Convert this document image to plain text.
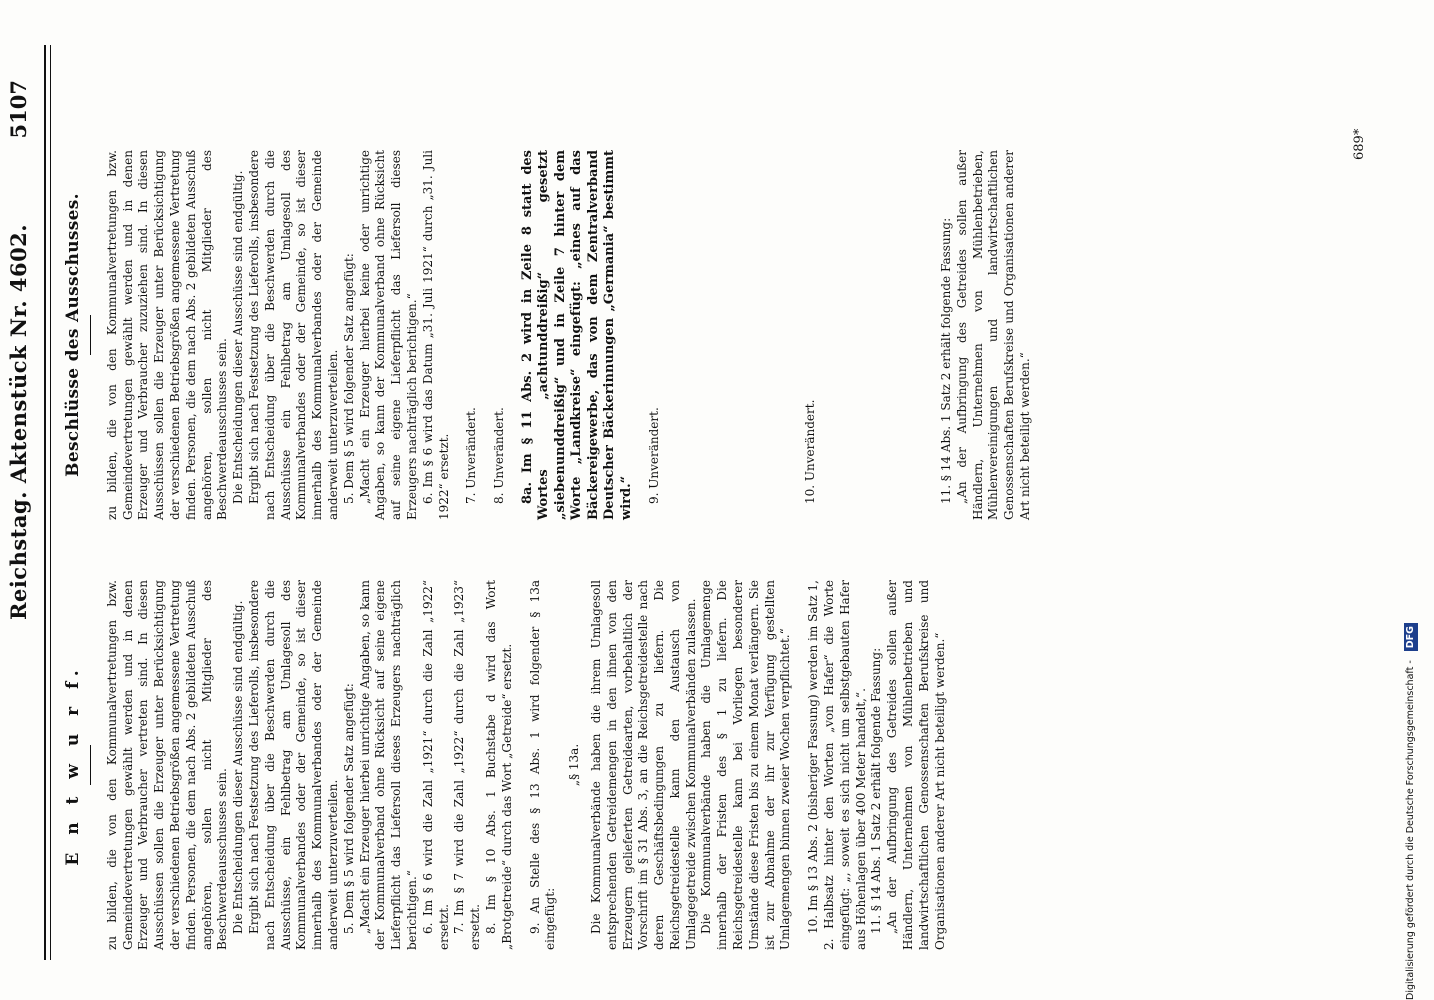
Reichstag. Aktenstück Nr. 4602.
5107
E n t w u r f. zu bilden, die von den Kommunalvertretungen bzw. Gemeindevertretungen gewählt werden und in denen Erzeuger und Verbraucher vertreten sind. In diesen Ausschüssen sollen die Erzeuger unter Berücksichtigung der verschiedenen Betriebsgrößen angemessene Vertretung finden. Personen, die dem nach Abs. 2 gebildeten Ausschuß angehören, sollen nicht Mitglieder des Beschwerdeausschusses sein. Die Entscheidungen dieser Ausschüsse sind endgültig. Ergibt sich nach Festsetzung des Lieferolls, insbesondere nach Entscheidung über die Beschwerden durch die Ausschüsse, ein Fehlbetrag am Umlagesoll des Kommunalverbandes oder der Gemeinde, so ist dieser innerhalb des Kommunalverbandes oder der Gemeinde anderweit unterzuverteilen. 5. Dem § 5 wird folgender Satz angefügt: „Macht ein Erzeuger hierbei unrichtige Angaben, so kann der Kommunalverband ohne Rücksicht auf seine eigene Lieferpflicht das Liefersoll dieses Erzeugers nachträglich berichtigen.“ 6. Im § 6 wird die Zahl „1921“ durch die Zahl „1922“ ersetzt. 7. Im § 7 wird die Zahl „1922“ durch die Zahl „1923“ ersetzt. 8. Im § 10 Abs. 1 Buchstabe d wird das Wort „Brotgetreide“ durch das Wort „Getreide“ ersetzt. 9. An Stelle des § 13 Abs. 1 wird folgender § 13a eingefügt:

„§ 13a. Die Kommunalverbände haben die ihrem Umlagesoll entsprechenden Getreidemengen in den ihnen von den Erzeugern gelieferten Getreidearten, vorbehaltlich der Vorschrift im § 31 Abs. 3, an die Reichsgetreidestelle nach deren Geschäftsbedingungen zu liefern. Die Reichsgetreidestelle kann den Austausch von Umlagegetreide zwischen Kommunalverbänden zulassen. Die Kommunalverbände haben die Umlagemenge innerhalb der Fristen des § 1 zu liefern. Die Reichsgetreidestelle kann bei Vorliegen besonderer Umstände diese Fristen bis zu einem Monat verlängern. Sie ist zur Abnahme der ihr zur Verfügung gestellten Umlagemengen binnen zweier Wochen verpflichtet.“ 10. Im § 13 Abs. 2 (bisheriger Fassung) werden im Satz 1, 2. Halbsatz hinter den Worten „von Hafer“ die Worte eingefügt: „, soweit es sich nicht um selbstgebauten Hafer aus Höhenlagen über 400 Meter handelt,“. 11. § 14 Abs. 1 Satz 2 erhält folgende Fassung: „An der Aufbringung des Getreides sollen außer Händlern, Unternehmen von Mühlenbetrieben und landwirtschaftlichen Genossenschaften Berufskreise und Organisationen anderer Art nicht beteiligt werden.“

Beschlüsse des Ausschusses. zu bilden, die von den Kommunalvertretungen bzw. Gemeindevertretungen gewählt werden und in denen Erzeuger und Verbraucher zuzuziehen sind. In diesen Ausschüssen sollen die Erzeuger unter Berücksichtigung der verschiedenen Betriebsgrößen angemessene Vertretung finden. Personen, die dem nach Abs. 2 gebildeten Ausschuß angehören, sollen nicht Mitglieder des Beschwerdeausschusses sein. Die Entscheidungen dieser Ausschüsse sind endgültig. Ergibt sich nach Festsetzung des Lieferolls, insbesondere nach Entscheidung über die Beschwerden durch die Ausschüsse ein Fehlbetrag am Umlagesoll des Kommunalverbandes oder der Gemeinde, so ist dieser innerhalb des Kommunalverbandes oder der Gemeinde anderweit unterzuverteilen. 5. Dem § 5 wird folgender Satz angefügt: „Macht ein Erzeuger hierbei keine oder unrichtige Angaben, so kann der Kommunalverband ohne Rücksicht auf seine eigene Lieferpflicht das Liefersoll dieses Erzeugers nachträglich berichtigen.“ 6. Im § 6 wird das Datum „31. Juli 1921“ durch „31. Juli 1922“ ersetzt. 7. Unverändert. 8. Unverändert. 8a. Im § 11 Abs. 2 wird in Zeile 8 statt des Wortes „achtunddreißig“ gesetzt „siebenunddreißig“ und in Zeile 7 hinter dem Worte „Landkreise“ eingefügt: „eines auf das Bäckereigewerbe, das von dem Zentralverband Deutscher Bäckerinnungen „Germania“ bestimmt wird.“ 9. Unverändert.	10. Unverändert.	11. § 14 Abs. 1 Satz 2 erhält folgende Fassung: „An der Aufbringung des Getreides sollen außer Händlern, Unternehmen von Mühlenbetrieben, Mühlenvereinigungen und landwirtschaftlichen Genossenschaften Berufskreise und Organisationen anderer Art nicht beteiligt werden.“

689*
Digitalisierung gefördert durch die Deutsche Forschungsgemeinschaft - DFG
